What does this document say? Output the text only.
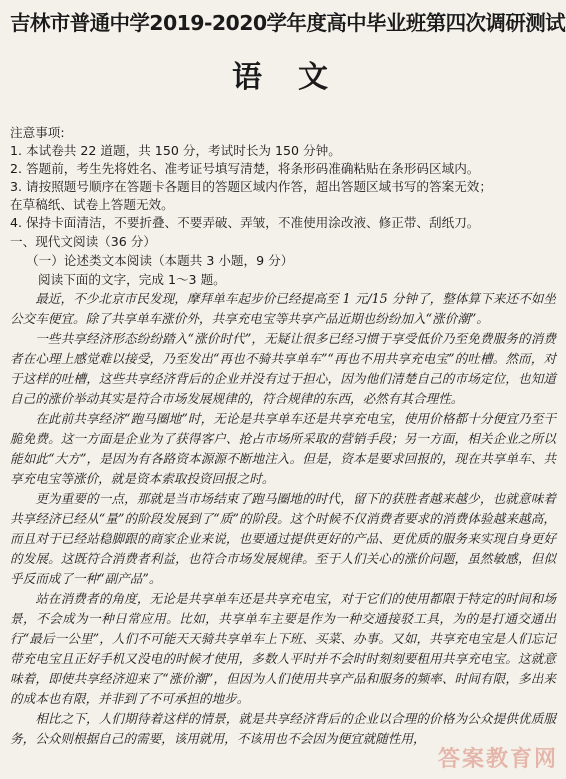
吉林市普通中学2019-2020学年度高中毕业班第四次调研测试
语文
注意事项:
1. 本试卷共 22 道题，共 150 分，考试时长为 150 分钟。
2. 答题前，考生先将姓名、准考证号填写清楚，将条形码准确粘贴在条形码区域内。
3. 请按照题号顺序在答题卡各题目的答题区域内作答，超出答题区域书写的答案无效；
在草稿纸、试卷上答题无效。
4. 保持卡面清洁，不要折叠、不要弄破、弄皱，不准使用涂改液、修正带、刮纸刀。
一、现代文阅读（36 分）
（一）论述类文本阅读（本题共 3 小题，9 分）
阅读下面的文字，完成 1～3 题。

最近，不少北京市民发现，摩拜单车起步价已经提高至 1 元/15 分钟了，整体算下来还不如坐公交车便宜。除了共享单车涨价外，共享充电宝等共享产品近期也纷纷加入“涨价潮”。

一些共享经济形态纷纷踏入“涨价时代”，无疑让很多已经习惯于享受低价乃至免费服务的消费者在心理上感觉难以接受，乃至发出“再也不骑共享单车”“再也不用共享充电宝”的吐槽。然而，对于这样的吐槽，这些共享经济背后的企业并没有过于担心，因为他们清楚自己的市场定位，也知道自己的涨价举动其实是符合市场发展规律的，符合规律的东西，必然有其合理性。

在此前共享经济“跑马圈地”时，无论是共享单车还是共享充电宝，使用价格都十分便宜乃至干脆免费。这一方面是企业为了获得客户、抢占市场所采取的营销手段；另一方面，相关企业之所以能如此“大方”，是因为有各路资本源源不断地注入。但是，资本是要求回报的，现在共享单车、共享充电宝等涨价，就是资本索取投资回报之时。

更为重要的一点，那就是当市场结束了跑马圈地的时代，留下的获胜者越来越少，也就意味着共享经济已经从“量”的阶段发展到了“质”的阶段。这个时候不仅消费者要求的消费体验越来越高，而且对于已经站稳脚跟的商家企业来说，也要通过提供更好的产品、更优质的服务来实现自身更好的发展。这既符合消费者利益，也符合市场发展规律。至于人们关心的涨价问题，虽然敏感，但似乎反而成了一种“副产品”。

站在消费者的角度，无论是共享单车还是共享充电宝，对于它们的使用都限于特定的时间和场景，不会成为一种日常应用。比如，共享单车主要是作为一种交通接驳工具，为的是打通交通出行“最后一公里”，人们不可能天天骑共享单车上下班、买菜、办事。又如，共享充电宝是人们忘记带充电宝且正好手机又没电的时候才使用，多数人平时并不会时时刻刻要租用共享充电宝。这就意味着，即使共享经济迎来了“涨价潮”，但因为人们使用共享产品和服务的频率、时间有限，多出来的成本也有限，并非到了不可承担的地步。

相比之下，人们期待着这样的情景，就是共享经济背后的企业以合理的价格为公众提供优质服务，公众则根据自己的需要，该用就用，不该用也不会因为便宜就随性用，

答案教育网
